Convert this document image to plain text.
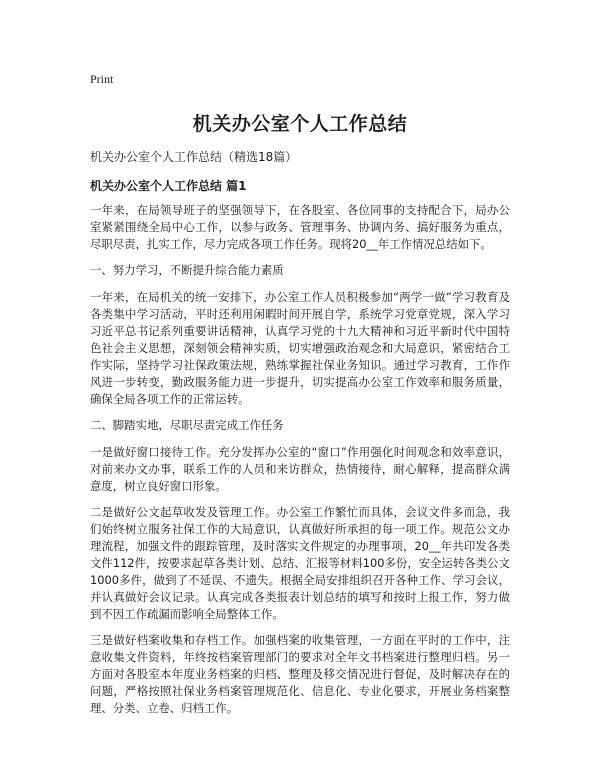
Print
机关办公室个人工作总结
机关办公室个人工作总结（精选18篇）
机关办公室个人工作总结 篇1

一年来，在局领导班子的坚强领导下，在各股室、各位同事的支持配合下，局办公室紧紧围绕全局中心工作，以参与政务、管理事务、协调内务、搞好服务为重点，尽职尽责，扎实工作，尽力完成各项工作任务。现将20__年工作情况总结如下。

一、努力学习，不断提升综合能力素质

一年来，在局机关的统一安排下，办公室工作人员积极参加“两学一做”学习教育及各类集中学习活动，平时还利用闲暇时间开展自学，系统学习党章党规，深入学习习近平总书记系列重要讲话精神，认真学习党的十九大精神和习近平新时代中国特色社会主义思想，深刻领会精神实质，切实增强政治观念和大局意识，紧密结合工作实际，坚持学习社保政策法规，熟练掌握社保业务知识。通过学习教育，工作作风进一步转变，勤政服务能力进一步提升，切实提高办公室工作效率和服务质量，确保全局各项工作的正常运转。

二、脚踏实地，尽职尽责完成工作任务

一是做好窗口接待工作。充分发挥办公室的“窗口”作用强化时间观念和效率意识，对前来办文办事，联系工作的人员和来访群众，热情接待，耐心解释，提高群众满意度，树立良好窗口形象。

二是做好公文起草收发及管理工作。办公室工作繁忙而具体，会议文件多而急，我们始终树立服务社保工作的大局意识，认真做好所承担的每一项工作。规范公文办理流程，加强文件的跟踪管理，及时落实文件规定的办理事项，20__年共印发各类文件112件，按要求起草各类计划、总结、汇报等材料100多份，安全运转各类公文1000多件，做到了不延误、不遗失。根据全局安排组织召开各种工作、学习会议，并认真做好会议记录。认真完成各类报表计划总结的填写和按时上报工作，努力做到不因工作疏漏而影响全局整体工作。

三是做好档案收集和存档工作。加强档案的收集管理，一方面在平时的工作中，注意收集文件资料，年终按档案管理部门的要求对全年文书档案进行整理归档。另一方面对各股室本年度业务档案的归档、整理及移交情况进行督促，及时解决存在的问题，严格按照社保业务档案管理规范化、信息化、专业化要求，开展业务档案整理、分类、立卷、归档工作。
